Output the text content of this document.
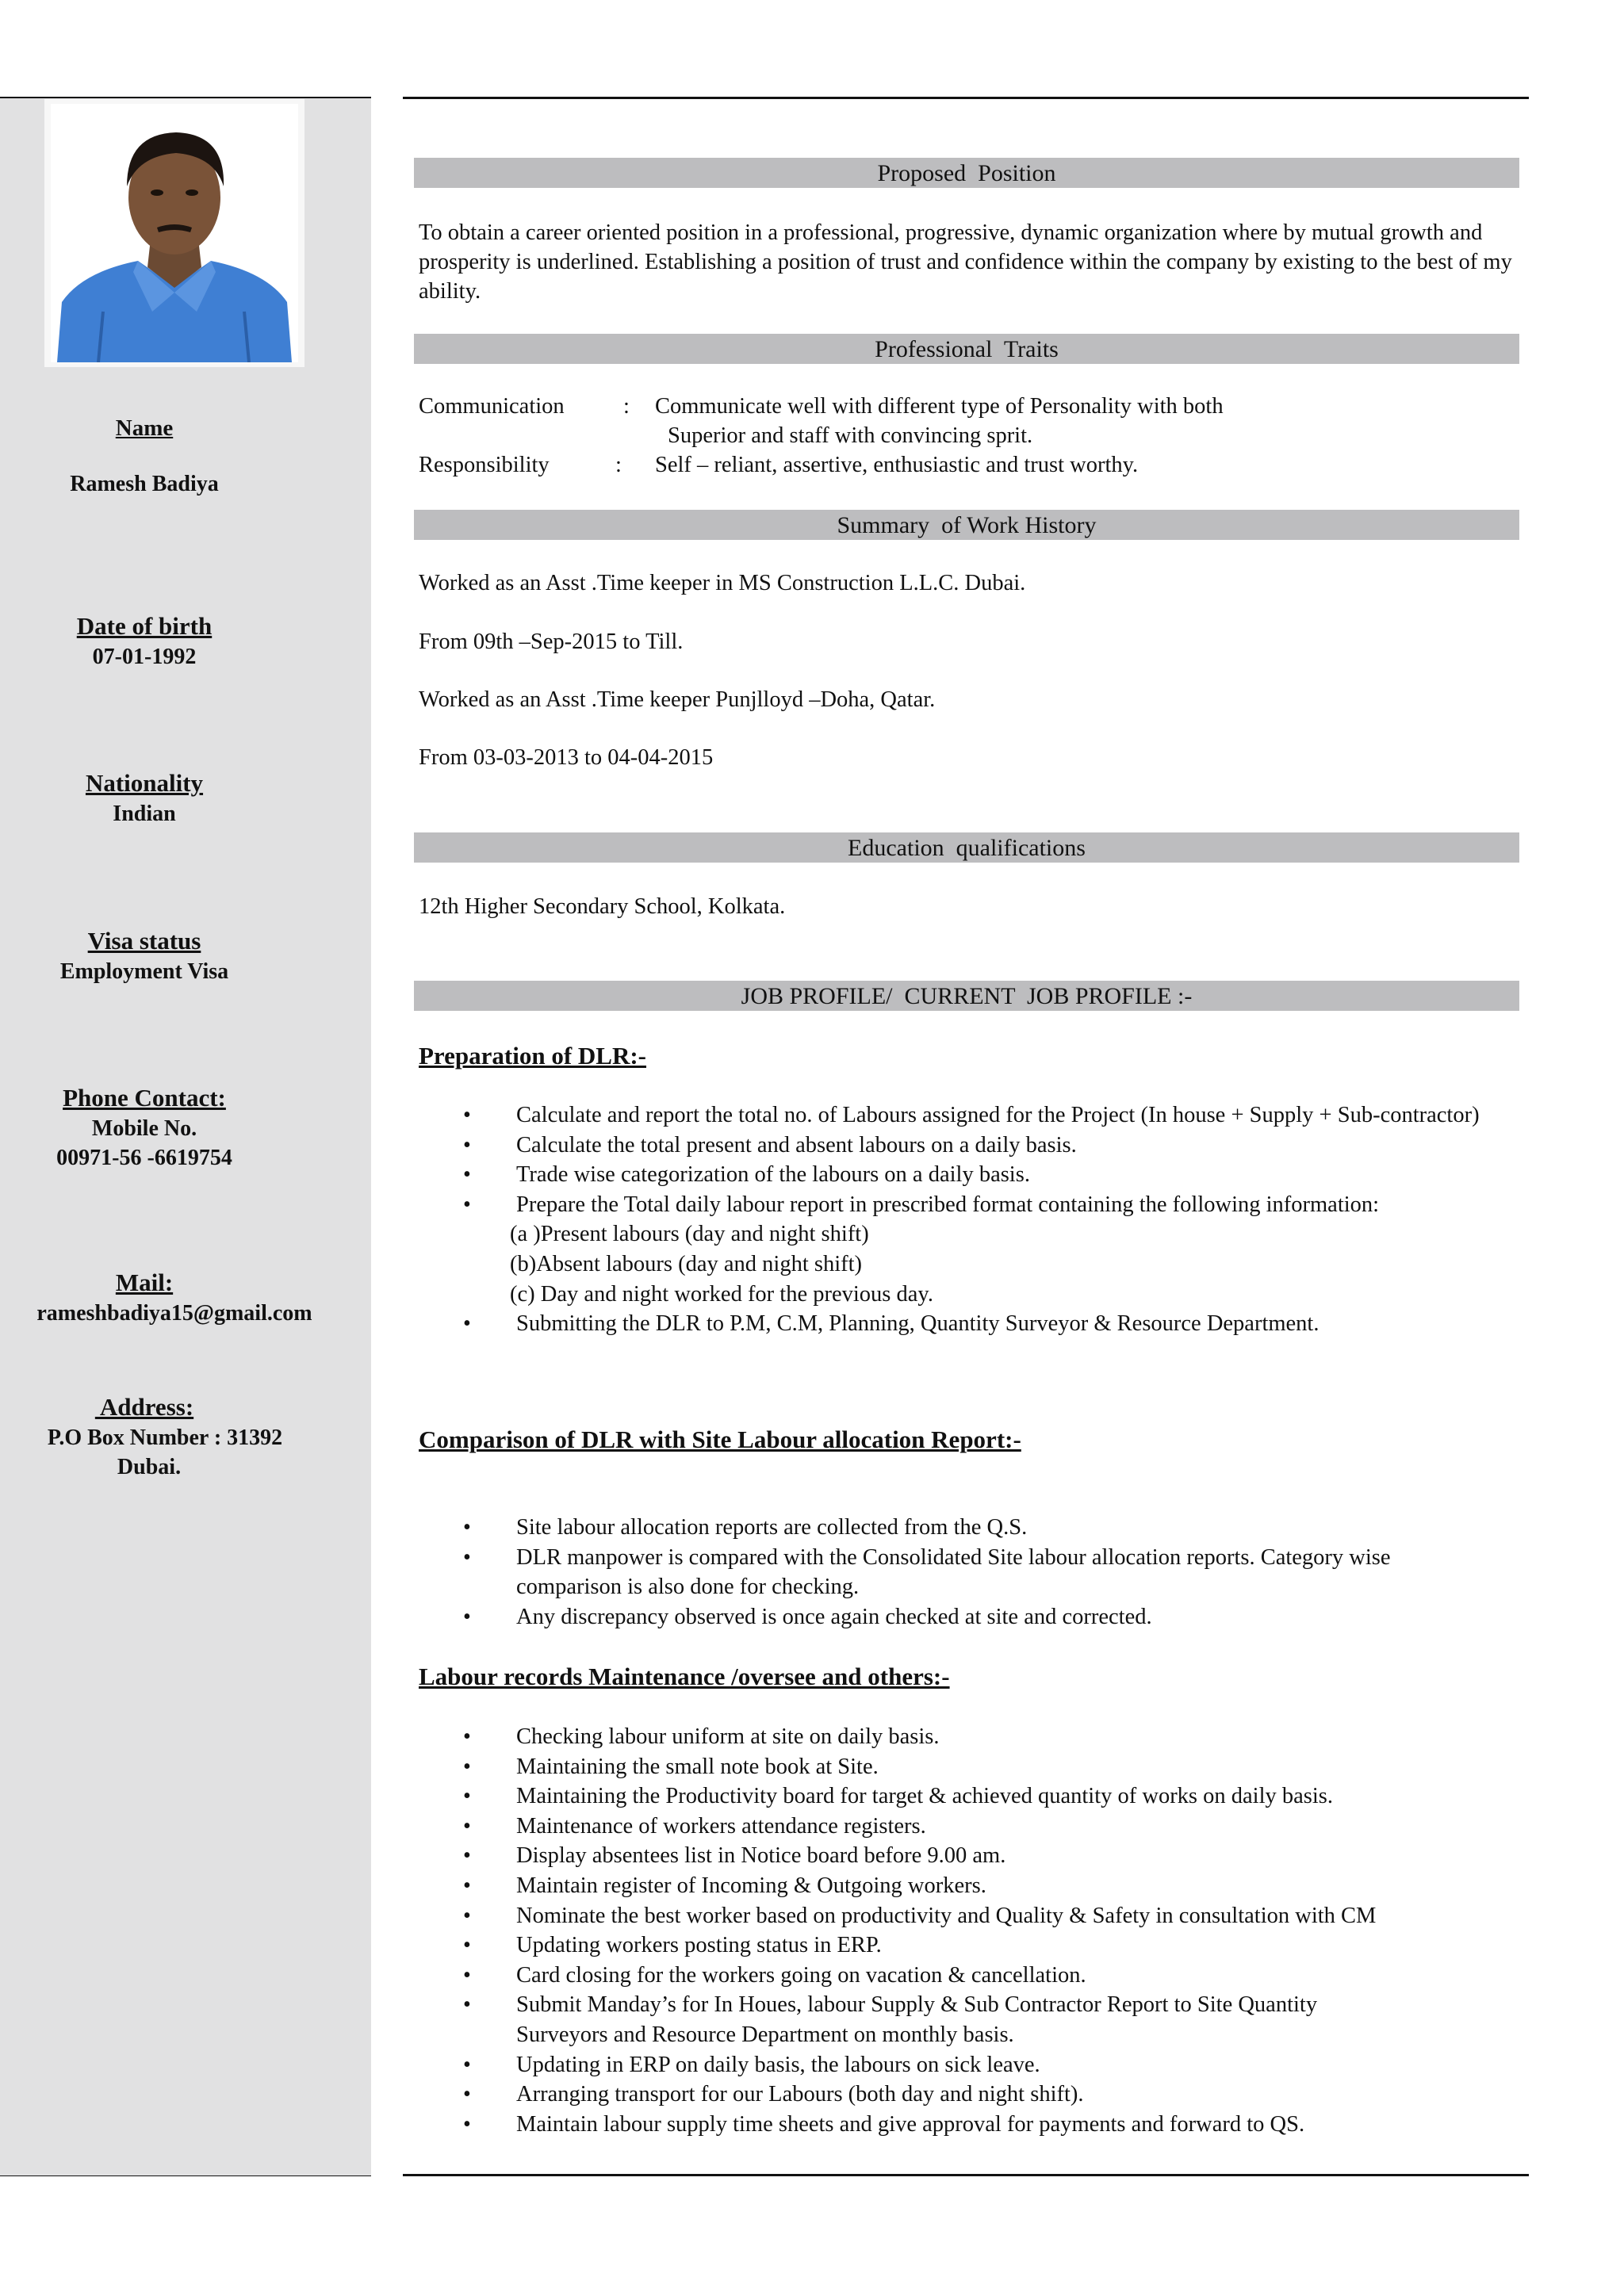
Name
Ramesh Badiya
Date of birth
07-01-1992
Nationality
Indian
Visa status
Employment Visa
Phone Contact:
Mobile No.
00971-56 -6619754
Mail:
rameshbadiya15@gmail.com
Address:
P.O Box Number : 31392
Dubai.
Proposed  Position
To obtain a career oriented position in a professional, progressive, dynamic organization where by mutual growth and prosperity is underlined. Establishing a position of trust and confidence within the company by existing to the best of my ability.
Professional  Traits
Communication	: Communicate well with different type of Personality with both
Superior and staff with convincing sprit.
Responsibility	: Self – reliant, assertive, enthusiastic and trust worthy.
Summary  of Work History
Worked as an Asst .Time keeper in MS Construction L.L.C. Dubai.
From 09th –Sep-2015 to Till.
Worked as an Asst .Time keeper Punjlloyd –Doha, Qatar.
From 03-03-2013 to 04-04-2015
Education  qualifications
12th Higher Secondary School, Kolkata.
JOB PROFILE/  CURRENT  JOB PROFILE :-
Preparation of DLR:-
• Calculate and report the total no. of Labours assigned for the Project (In house + Supply + Sub-contractor)
• Calculate the total present and absent labours on a daily basis.
• Trade wise categorization of the labours on a daily basis.
• Prepare the Total daily labour report in prescribed format containing the following information:
(a )Present labours (day and night shift)
(b)Absent labours (day and night shift)
(c) Day and night worked for the previous day.
• Submitting the DLR to P.M, C.M, Planning, Quantity Surveyor & Resource Department.
Comparison of DLR with Site Labour allocation Report:-
• Site labour allocation reports are collected from the Q.S.
• DLR manpower is compared with the Consolidated Site labour allocation reports. Category wise comparison is also done for checking.
• Any discrepancy observed is once again checked at site and corrected.
Labour records Maintenance /oversee and others:-
• Checking labour uniform at site on daily basis.
• Maintaining the small note book at Site.
• Maintaining the Productivity board for target & achieved quantity of works on daily basis.
• Maintenance of workers attendance registers.
• Display absentees list in Notice board before 9.00 am.
• Maintain register of Incoming & Outgoing workers.
• Nominate the best worker based on productivity and Quality & Safety in consultation with CM
• Updating workers posting status in ERP.
• Card closing for the workers going on vacation & cancellation.
• Submit Manday’s for In Houes, labour Supply & Sub Contractor Report to Site Quantity Surveyors and Resource Department on monthly basis.
• Updating in ERP on daily basis, the labours on sick leave.
• Arranging transport for our Labours (both day and night shift).
• Maintain labour supply time sheets and give approval for payments and forward to QS.
